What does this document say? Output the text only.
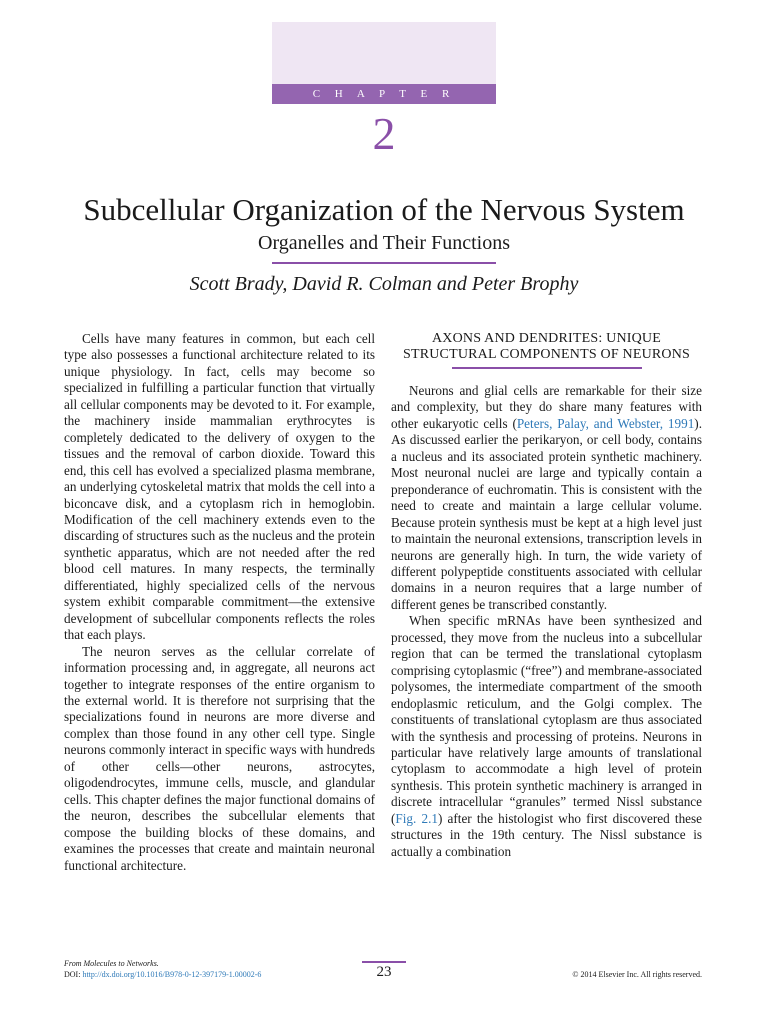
C H A P T E R
2
Subcellular Organization of the Nervous System
Organelles and Their Functions
Scott Brady, David R. Colman and Peter Brophy

Cells have many features in common, but each cell type also possesses a functional architecture related to its unique physiology. In fact, cells may become so specialized in fulfilling a particular function that virtually all cellular components may be devoted to it. For example, the machinery inside mammalian erythrocytes is completely dedicated to the delivery of oxygen to the tissues and the removal of carbon dioxide. Toward this end, this cell has evolved a specialized plasma membrane, an underlying cytoskeletal matrix that molds the cell into a biconcave disk, and a cytoplasm rich in hemoglobin. Modification of the cell machinery extends even to the discarding of structures such as the nucleus and the protein synthetic apparatus, which are not needed after the red blood cell matures. In many respects, the terminally differentiated, highly specialized cells of the nervous system exhibit comparable commitment—the extensive development of subcellular components reflects the roles that each plays.

The neuron serves as the cellular correlate of information processing and, in aggregate, all neurons act together to integrate responses of the entire organism to the external world. It is therefore not surprising that the specializations found in neurons are more diverse and complex than those found in any other cell type. Single neurons commonly interact in specific ways with hundreds of other cells—other neurons, astrocytes, oligodendrocytes, immune cells, muscle, and glandular cells. This chapter defines the major functional domains of the neuron, describes the subcellular elements that compose the building blocks of these domains, and examines the processes that create and maintain neuronal functional architecture.

AXONS AND DENDRITES: UNIQUE STRUCTURAL COMPONENTS OF NEURONS

Neurons and glial cells are remarkable for their size and complexity, but they do share many features with other eukaryotic cells (Peters, Palay, and Webster, 1991). As discussed earlier the perikaryon, or cell body, contains a nucleus and its associated protein synthetic machinery. Most neuronal nuclei are large and typically contain a preponderance of euchromatin. This is consistent with the need to create and maintain a large cellular volume. Because protein synthesis must be kept at a high level just to maintain the neuronal extensions, transcription levels in neurons are generally high. In turn, the wide variety of different polypeptide constituents associated with cellular domains in a neuron requires that a large number of different genes be transcribed constantly.

When specific mRNAs have been synthesized and processed, they move from the nucleus into a subcellular region that can be termed the translational cytoplasm comprising cytoplasmic (“free”) and membrane-associated polysomes, the intermediate compartment of the smooth endoplasmic reticulum, and the Golgi complex. The constituents of translational cytoplasm are thus associated with the synthesis and processing of proteins. Neurons in particular have relatively large amounts of translational cytoplasm to accommodate a high level of protein synthesis. This protein synthetic machinery is arranged in discrete intracellular “granules” termed Nissl substance (Fig. 2.1) after the histologist who first discovered these structures in the 19th century. The Nissl substance is actually a combination

From Molecules to Networks.
DOI: http://dx.doi.org/10.1016/B978-0-12-397179-1.00002-6	23	© 2014 Elsevier Inc. All rights reserved.
